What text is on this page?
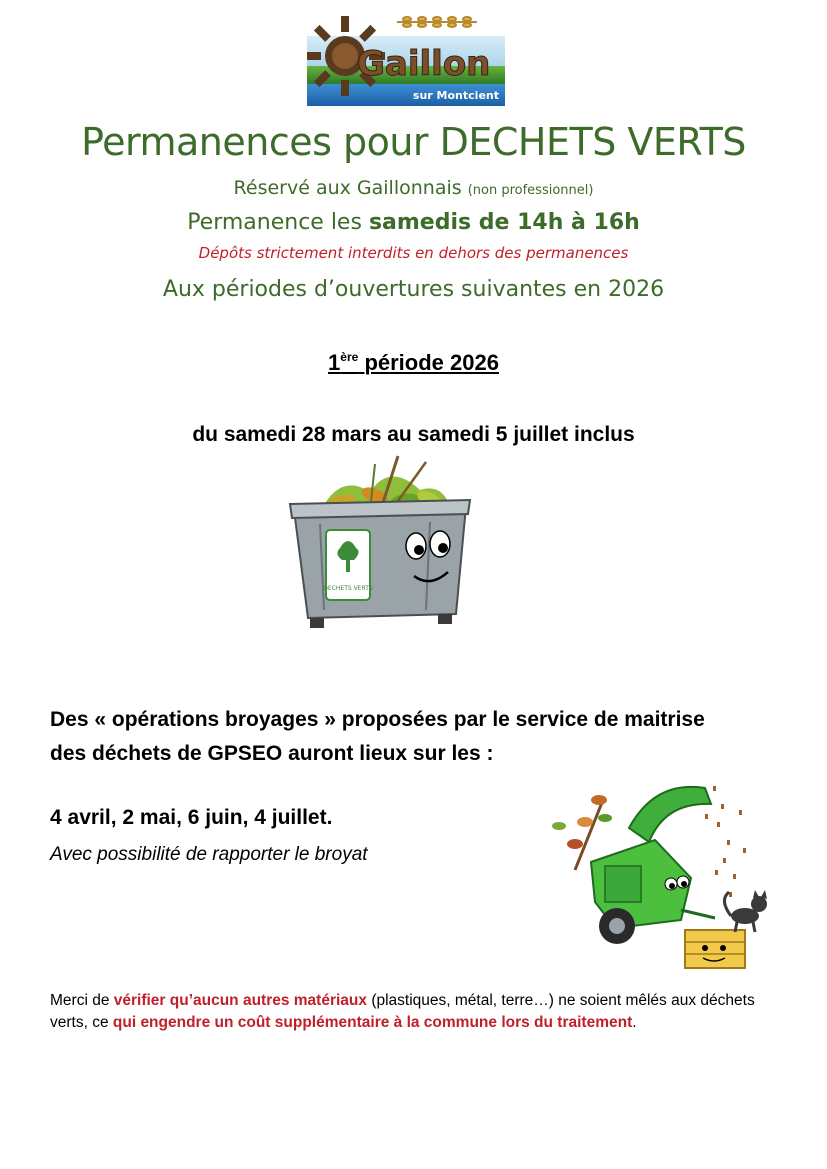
Gaillon
sur Montcient
Permanences pour DECHETS VERTS
Réservé aux Gaillonnais (non professionnel)
Permanence les samedis de 14h à 16h
Dépôts strictement interdits en dehors des permanences
Aux périodes d’ouvertures suivantes en 2026
1ère période 2026
du samedi 28 mars au samedi 5 juillet inclus
DECHETS VERTS

Des « opérations broyages » proposées par le service de maitrise des déchets de GPSEO auront lieux sur les :

4 avril, 2 mai, 6 juin, 4 juillet.

Avec possibilité de rapporter le broyat

Merci de vérifier qu’aucun autres matériaux (plastiques, métal, terre…) ne soient mêlés aux déchets verts, ce qui engendre un coût supplémentaire à la commune lors du traitement.
